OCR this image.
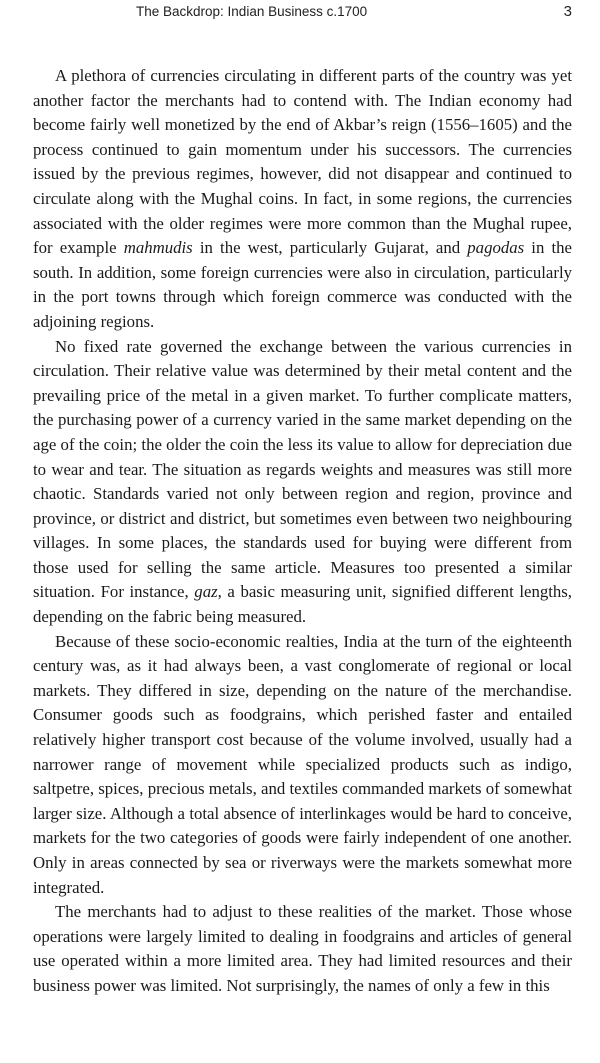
The Backdrop: Indian Business c.1700	3

A plethora of currencies circulating in different parts of the country was yet another factor the merchants had to contend with. The Indian economy had become fairly well monetized by the end of Akbar’s reign (1556–1605) and the process continued to gain momentum under his successors. The currencies issued by the previous regimes, however, did not disappear and continued to circulate along with the Mughal coins. In fact, in some regions, the currencies associated with the older regimes were more common than the Mughal rupee, for example mahmudis in the west, particularly Gujarat, and pagodas in the south. In addition, some foreign currencies were also in circulation, particularly in the port towns through which foreign commerce was conducted with the adjoining regions.

No fixed rate governed the exchange between the various currencies in circulation. Their relative value was determined by their metal content and the prevailing price of the metal in a given market. To further complicate matters, the purchasing power of a currency varied in the same market depending on the age of the coin; the older the coin the less its value to allow for depreciation due to wear and tear. The situation as regards weights and measures was still more chaotic. Standards varied not only between region and region, province and province, or district and district, but sometimes even between two neighbouring villages. In some places, the standards used for buying were different from those used for selling the same article. Measures too presented a similar situation. For instance, gaz, a basic measuring unit, signified different lengths, depending on the fabric being measured.

Because of these socio-economic realties, India at the turn of the eighteenth century was, as it had always been, a vast conglomerate of regional or local markets. They differed in size, depending on the nature of the merchandise. Consumer goods such as foodgrains, which perished faster and entailed relatively higher transport cost because of the volume involved, usually had a narrower range of movement while specialized products such as indigo, saltpetre, spices, precious metals, and textiles commanded markets of somewhat larger size. Although a total absence of interlinkages would be hard to conceive, markets for the two categories of goods were fairly independent of one another. Only in areas connected by sea or riverways were the markets somewhat more integrated.

The merchants had to adjust to these realities of the market. Those whose operations were largely limited to dealing in foodgrains and articles of general use operated within a more limited area. They had limited resources and their business power was limited. Not surprisingly, the names of only a few in this
